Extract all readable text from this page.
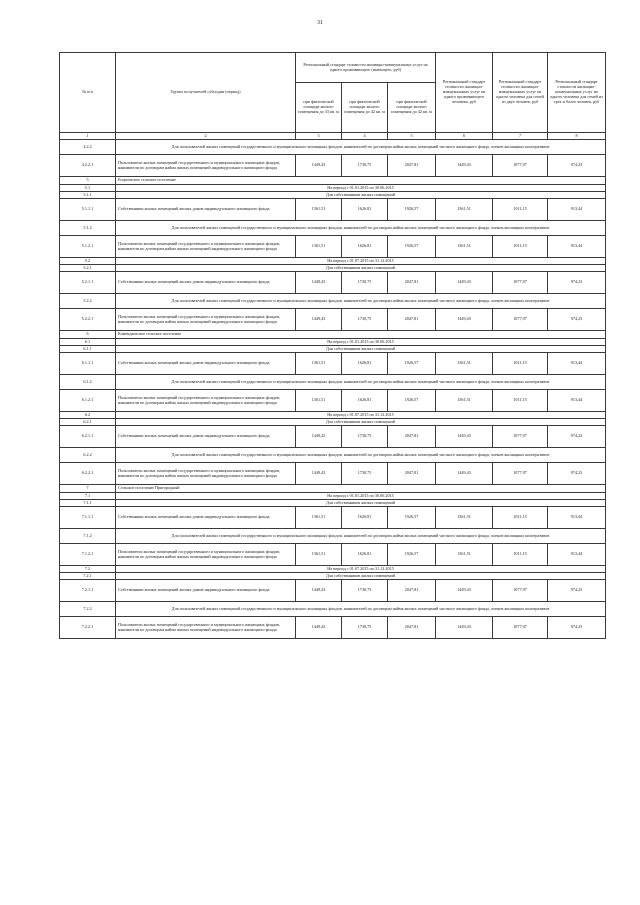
31
№ п/п	Группа получателей субсидии (период)	Региональный стандарт стоимости жилищно-коммунальных услуг на одного проживающего (имеющего, руб)			Региональный стандарт стоимости жилищно-коммунальных услуг на одного проживающего человека, руб	Региональный стандарт стоимости жилищно-коммунальных услуг на одного человека для семей из двух человек, руб	Региональный стандарт стоимости жилищно-коммунальных услуг на одного человека для семей из трех и более человек, руб
		при фактической площади жилого помещения до 33 кв. м	при фактической площади жилого помещения до 42 кв. м	при фактической площади жилого помещения до 42 кв. м			
1	2	3	4	5	6	7	8
4.2.2	Для пользователей жилых помещений государственного и муниципального жилищных фондов, нанимателей по договорам найма жилых помещений частного жилищного фонда, членов жилищных кооперативов						
4.2.2.1	Пользователи жилых помещений государственного и муниципального жилищных фондов, наниматели по договорам найма жилых помещений индивидуального жилищного фонда	1449,43	1730,75	2047,81	1449,43	1077,97	974,23
5	Егорьевское сельское поселение						
5.1	На период с 01.01.2015 по 30.06.2015						
5.1.1	Для собственников жилых помещений						
5.1.1.1	Собственники жилых помещений жилых домов индивидуального жилищного фонда	1361,51	1626,81	1926,57	1361,51	1011,15	913,44
5.1.2	Для пользователей жилых помещений государственного и муниципального жилищных фондов, нанимателей по договорам найма жилых помещений частного жилищного фонда, членов жилищных кооперативов						
5.1.2.1	Пользователи жилых помещений государственного и муниципального жилищных фондов, наниматели по договорам найма жилых помещений индивидуального жилищного фонда	1361,51	1626,81	1926,57	1361,51	1011,15	913,44
5.2	На период с 01.07.2015 по 31.12.2015						
5.2.1	Для собственников жилых помещений						
5.2.1.1	Собственники жилых помещений жилых домов индивидуального жилищного фонда	1449,43	1730,75	2047,81	1449,43	1077,97	974,23
5.2.2	Для пользователей жилых помещений государственного и муниципального жилищных фондов, нанимателей по договорам найма жилых помещений частного жилищного фонда, членов жилищных кооперативов						
5.2.2.1	Пользователи жилых помещений государственного и муниципального жилищных фондов, наниматели по договорам найма жилых помещений индивидуального жилищного фонда	1449,43	1730,75	2047,81	1449,43	1077,97	974,23
6	Камендантское сельское поселение						
6.1	На период с 01.01.2015 по 30.06.2015						
6.1.1	Для собственников жилых помещений						
6.1.1.1	Собственники жилых помещений жилых домов индивидуального жилищного фонда	1361,51	1626,81	1926,57	1361,51	1011,15	913,44
6.1.2	Для пользователей жилых помещений государственного и муниципального жилищных фондов, нанимателей по договорам найма жилых помещений частного жилищного фонда, членов жилищных кооперативов						
6.1.2.1	Пользователи жилых помещений государственного и муниципального жилищных фондов, наниматели по договорам найма жилых помещений индивидуального жилищного фонда	1361,51	1626,81	1926,57	1361,51	1011,15	913,44
6.2	На период с 01.07.2015 по 31.12.2015						
6.2.1	Для собственников жилых помещений						
6.2.1.1	Собственники жилых помещений жилых домов индивидуального жилищного фонда	1449,43	1730,75	2047,81	1449,43	1077,97	974,23
6.2.2	Для пользователей жилых помещений государственного и муниципального жилищных фондов, нанимателей по договорам найма жилых помещений частного жилищного фонда, членов жилищных кооперативов						
6.2.2.1	Пользователи жилых помещений государственного и муниципального жилищных фондов, наниматели по договорам найма жилых помещений индивидуального жилищного фонда	1449,43	1730,75	2047,81	1449,43	1077,97	974,23
7	Сельское поселение Пригородный						
7.1	На период с 01.01.2015 по 30.06.2015						
7.1.1	Для собственников жилых помещений						
7.1.1.1	Собственники жилых помещений жилых домов индивидуального жилищного фонда	1361,51	1626,81	1926,57	1361,51	1011,15	913,44
7.1.2	Для пользователей жилых помещений государственного и муниципального жилищных фондов, нанимателей по договорам найма жилых помещений частного жилищного фонда, членов жилищных кооперативов						
7.1.2.1	Пользователи жилых помещений государственного и муниципального жилищных фондов, наниматели по договорам найма жилых помещений индивидуального жилищного фонда	1361,51	1626,81	1926,57	1361,51	1011,15	913,44
7.2	На период с 01.07.2015 по 31.12.2015						
7.2.1	Для собственников жилых помещений						
7.2.1.1	Собственники жилых помещений жилых домов индивидуального жилищного фонда	1449,43	1730,75	2047,81	1449,43	1077,97	974,23
7.2.2	Для пользователей жилых помещений государственного и муниципального жилищных фондов, нанимателей по договорам найма жилых помещений частного жилищного фонда, членов жилищных кооперативов						
7.2.2.1	Пользователи жилых помещений государственного и муниципального жилищных фондов, наниматели по договорам найма жилых помещений индивидуального жилищного фонда	1449,43	1730,75	2047,81	1449,43	1077,97	974,23
